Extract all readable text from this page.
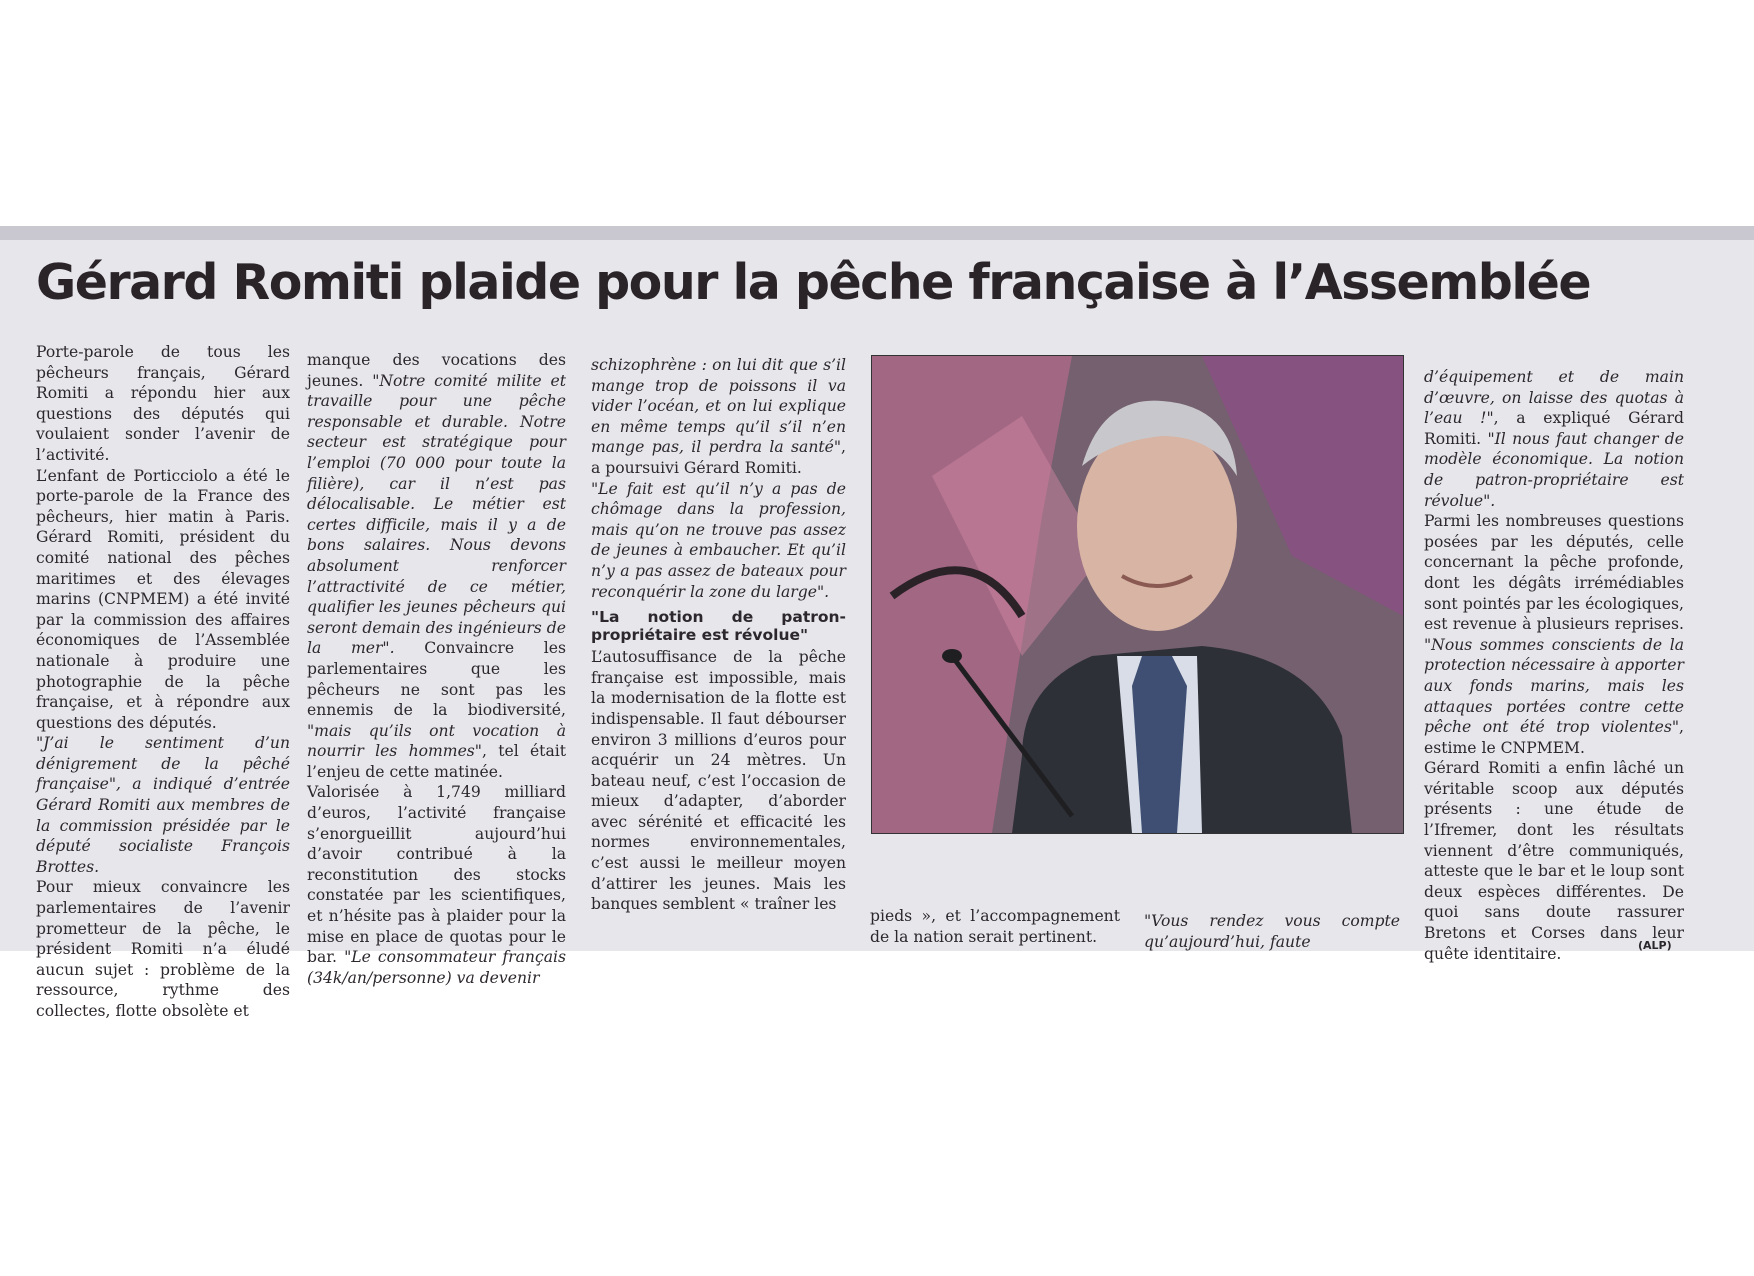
Gérard Romiti plaide pour la pêche française à l’Assemblée

Porte-parole de tous les pêcheurs français, Gérard Romiti a répondu hier aux questions des députés qui voulaient sonder l’avenir de l’activité.

L’enfant de Porticciolo a été le porte-parole de la France des pêcheurs, hier matin à Paris. Gérard Romiti, président du comité national des pêches maritimes et des élevages marins (CNPMEM) a été invité par la commission des affaires économiques de l’Assemblée nationale à produire une photographie de la pêche française, et à répondre aux questions des députés.

"J’ai le sentiment d’un dénigrement de la pêché française", a indiqué d’entrée Gérard Romiti aux membres de la commission présidée par le député socialiste François Brottes.

Pour mieux convaincre les parlementaires de l’avenir prometteur de la pêche, le président Romiti n’a éludé aucun sujet : problème de la ressource, rythme des collectes, flotte obsolète et

manque des vocations des jeunes. "Notre comité milite et travaille pour une pêche responsable et durable. Notre secteur est stratégique pour l’emploi (70 000 pour toute la filière), car il n’est pas délocalisable. Le métier est certes difficile, mais il y a de bons salaires. Nous devons absolument renforcer l’attractivité de ce métier, qualifier les jeunes pêcheurs qui seront demain des ingénieurs de la mer". Convaincre les parlementaires que les pêcheurs ne sont pas les ennemis de la biodiversité, "mais qu’ils ont vocation à nourrir les hommes", tel était l’enjeu de cette matinée.

Valorisée à 1,749 milliard d’euros, l’activité française s’enorgueillit aujourd’hui d’avoir contribué à la reconstitution des stocks constatée par les scientifiques, et n’hésite pas à plaider pour la mise en place de quotas pour le bar. "Le consommateur français (34k/an/personne) va devenir

schizophrène : on lui dit que s’il mange trop de poissons il va vider l’océan, et on lui explique en même temps qu’il s’il n’en mange pas, il perdra la santé", a poursuivi Gérard Romiti.

"Le fait est qu’il n’y a pas de chômage dans la profession, mais qu’on ne trouve pas assez de jeunes à embaucher. Et qu’il n’y a pas assez de bateaux pour reconquérir la zone du large".

"La notion de patron-propriétaire est révolue"

L’autosuffisance de la pêche française est impossible, mais la modernisation de la flotte est indispensable. Il faut débourser environ 3 millions d’euros pour acquérir un 24 mètres. Un bateau neuf, c’est l’occasion de mieux d’adapter, d’aborder avec sérénité et efficacité les normes environnementales, c’est aussi le meilleur moyen d’attirer les jeunes. Mais les banques semblent « traîner les

pieds », et l’accompagnement de la nation serait pertinent.

"Vous rendez vous compte qu’aujourd’hui, faute

d’équipement et de main d’œuvre, on laisse des quotas à l’eau !", a expliqué Gérard Romiti. "Il nous faut changer de modèle économique. La notion de patron-propriétaire est révolue".

Parmi les nombreuses questions posées par les députés, celle concernant la pêche profonde, dont les dégâts irrémédiables sont pointés par les écologiques, est revenue à plusieurs reprises. "Nous sommes conscients de la protection nécessaire à apporter aux fonds marins, mais les attaques portées contre cette pêche ont été trop violentes", estime le CNPMEM.

Gérard Romiti a enfin lâché un véritable scoop aux députés présents : une étude de l’Ifremer, dont les résultats viennent d’être communiqués, atteste que le bar et le loup sont deux espèces différentes. De quoi sans doute rassurer Bretons et Corses dans leur quête identitaire.	(ALP)
